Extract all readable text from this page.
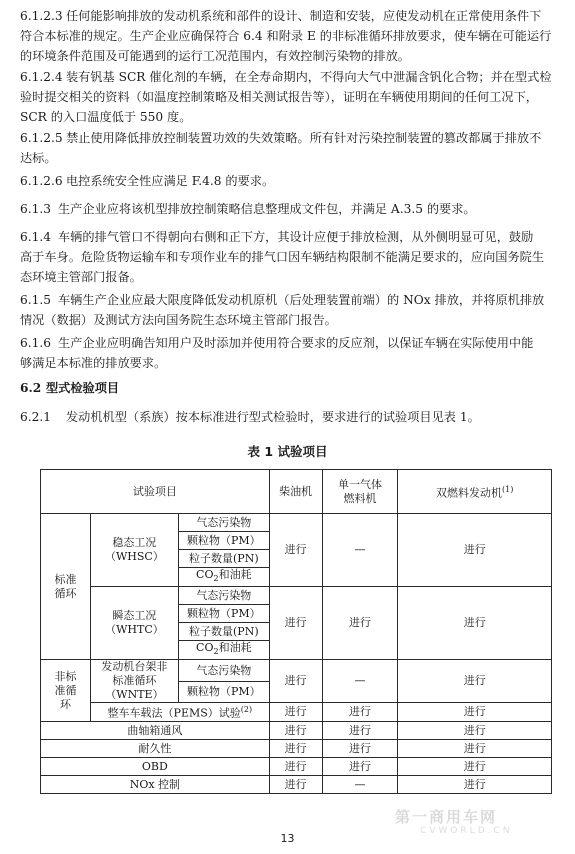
6.1.2.3 任何能影响排放的发动机系统和部件的设计、制造和安装，应使发动机在正常使用条件下
符合本标准的规定。生产企业应确保符合 6.4 和附录 E 的非标准循环排放要求，使车辆在可能运行
的环境条件范围及可能遇到的运行工况范围内，有效控制污染物的排放。

6.1.2.4 装有钒基 SCR 催化剂的车辆，在全寿命期内，不得向大气中泄漏含钒化合物；并在型式检
验时提交相关的资料（如温度控制策略及相关测试报告等），证明在车辆使用期间的任何工况下，
SCR 的入口温度低于 550 度。

6.1.2.5 禁止使用降低排放控制装置功效的失效策略。所有针对污染控制装置的篡改都属于排放不
达标。

6.1.2.6 电控系统安全性应满足 F.4.8 的要求。

6.1.3 生产企业应将该机型排放控制策略信息整理成文件包，并满足 A.3.5 的要求。

6.1.4 车辆的排气管口不得朝向右侧和正下方，其设计应便于排放检测，从外侧明显可见，鼓励
高于车身。危险货物运输车和专项作业车的排气口因车辆结构限制不能满足要求的，应向国务院生
态环境主管部门报备。

6.1.5 车辆生产企业应最大限度降低发动机原机（后处理装置前端）的 NOx 排放，并将原机排放
情况（数据）及测试方法向国务院生态环境主管部门报告。

6.1.6 生产企业应明确告知用户及时添加并使用符合要求的反应剂，以保证车辆在实际使用中能
够满足本标准的排放要求。

6.2 型式检验项目

6.2.1 发动机机型（系族）按本标准进行型式检验时，要求进行的试验项目见表 1。

表 1 试验项目
试验项目			柴油机	单一气体燃料机	双燃料发动机$^{(1)}$
标准循环	稳态工况（WHSC）	气态污染物	进行	—	进行
		颗粒物（PM）			
		粒子数量(PN)			
		$CO_2$和油耗			
	瞬态工况（WHTC）	气态污染物	进行	进行	进行
		颗粒物（PM）			
		粒子数量(PN)			
		$CO_2$和油耗			
非标准循环	发动机台架非标准循环（WNTE）	气态污染物	进行	—	进行
		颗粒物（PM）			
	整车车载法（PEMS）试验$^{(2)}$		进行	进行	进行
曲轴箱通风			进行	进行	进行
耐久性			进行	进行	进行
OBD			进行	进行	进行
NOx 控制			进行	—	进行
第一商用车网
CVWORLD.CN
13
